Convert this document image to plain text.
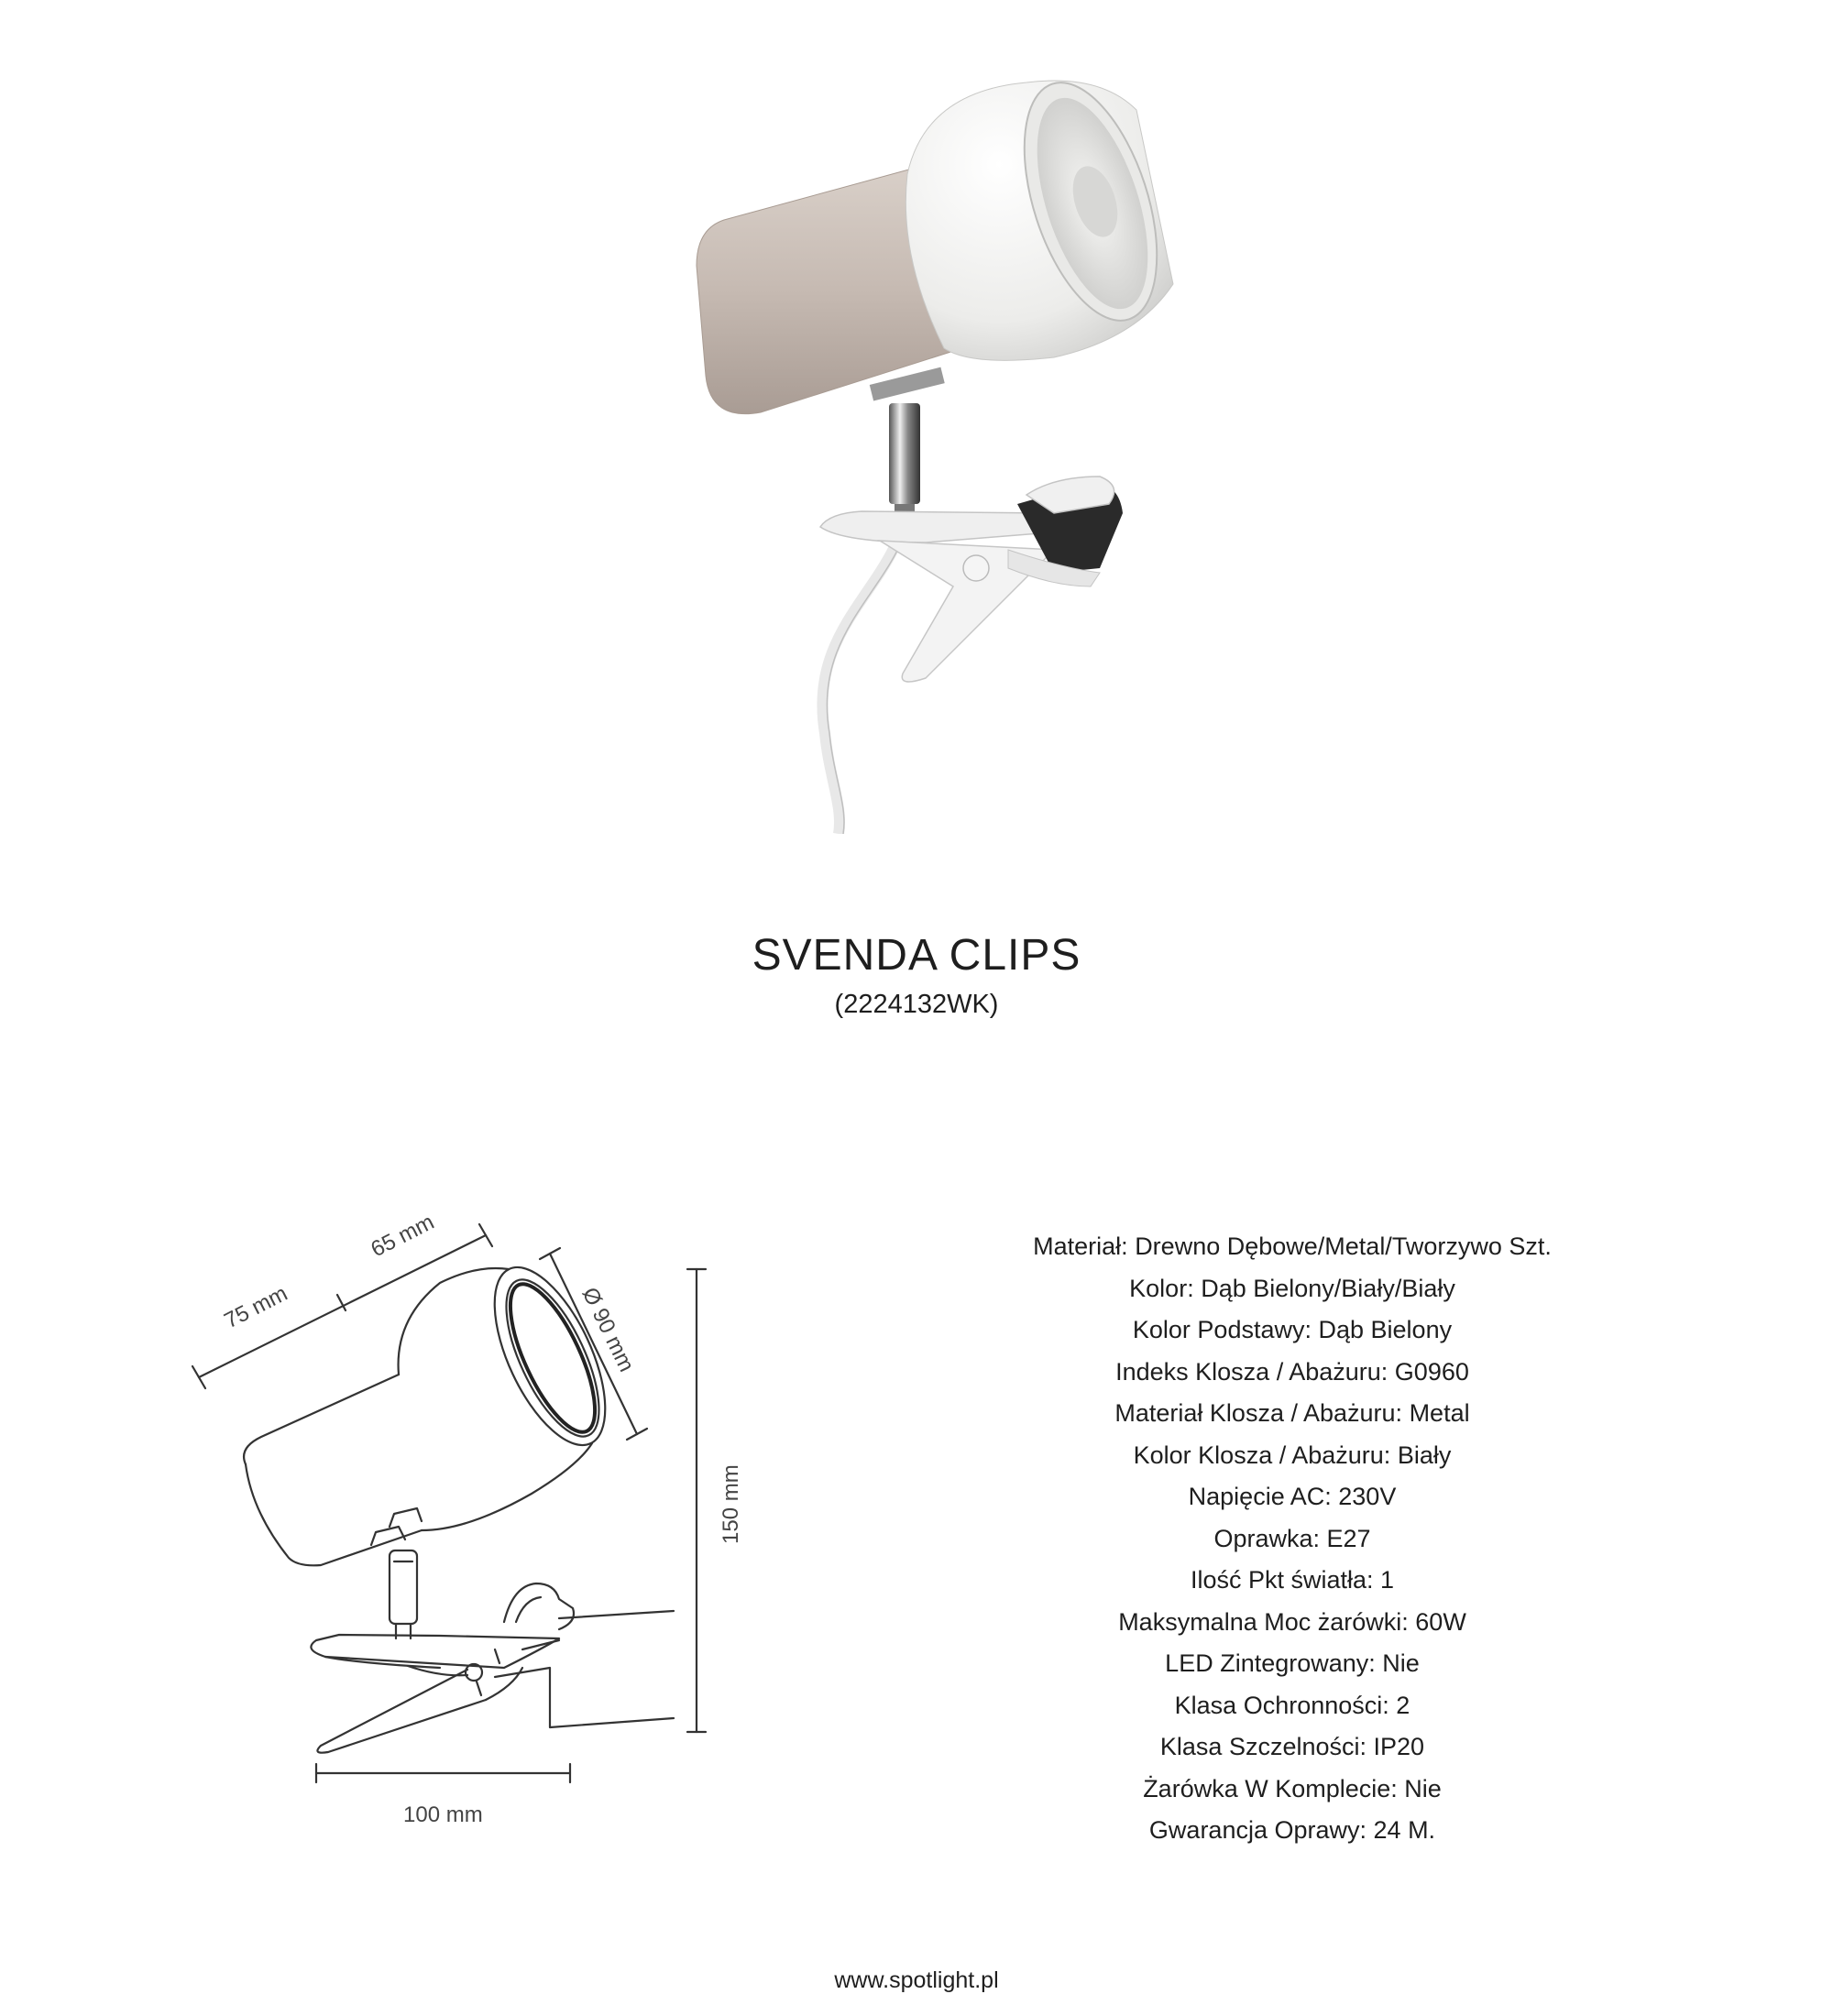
SVENDA CLIPS
(2224132WK)
75 mm
65 mm
Ø 90 mm
150 mm
100 mm
Materiał: Drewno Dębowe/Metal/Tworzywo Szt.
Kolor: Dąb Bielony/Biały/Biały
Kolor Podstawy: Dąb Bielony
Indeks Klosza / Abażuru: G0960
Materiał Klosza / Abażuru: Metal
Kolor Klosza / Abażuru: Biały
Napięcie AC: 230V
Oprawka: E27
Ilość Pkt światła: 1
Maksymalna Moc żarówki: 60W
LED Zintegrowany: Nie
Klasa Ochronności: 2
Klasa Szczelności: IP20
Żarówka W Komplecie: Nie
Gwarancja Oprawy: 24 M.
www.spotlight.pl
